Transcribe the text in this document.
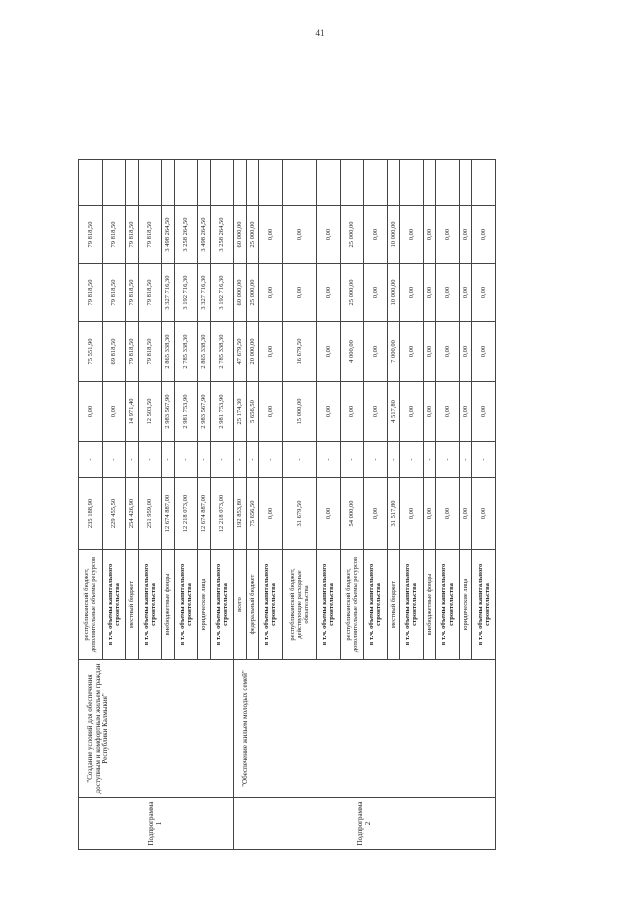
41
Подпрограмма 1	"Создание условий для обеспечения доступным и комфортным жильем граждан Республики Калмыкия"	республиканский бюджет, дополнительные объемы ресурсов	235 188,90	-	0,00	75 551,90	79 818,50	79 818,50	
		в т.ч. объемы капитального строительства	229 455,50	-	0,00	69 818,50	79 818,50	79 818,50	
		местный бюджет	254 426,90	-	14 971,40	79 818,50	79 818,50	79 818,50	
		в т.ч. объемы капитального строительства	251 959,00	-	12 503,50	79 818,50	79 818,50	79 818,50	
		внебюджетные фонды	12 674 887,00	-	2 983 567,90	2 865 338,30	3 327 716,30	3 498 264,50	
		в т.ч. объемы капитального строительства	12 218 073,00	-	2 981 753,90	2 785 338,30	3 192 716,30	3 258 264,50	
		юридические лица	12 674 887,00	-	2 983 567,90	2 865 338,30	3 327 716,30	3 498 264,50	
		в т.ч. объемы капитального строительства	12 218 073,00	-	2 981 753,90	2 785 338,30	3 192 716,30	3 258 264,50	
Подпрограмма 2	"Обеспечение жильем молодых семей"	всего	192 853,80	-	25 174,30	47 679,50	60 000,00	60 000,00	
		федеральный бюджет	75 656,50	-	5 656,50	20 000,00	25 000,00	25 000,00	
		в т.ч. объемы капитального строительства	0,00	-	0,00	0,00	0,00	0,00	
		республиканский бюджет, действующие расходные обязательства	31 679,50	-	15 000,00	16 679,50	0,00	0,00	
		в т.ч. объемы капитального строительства	0,00	-	0,00	0,00	0,00	0,00	
		республиканский бюджет, дополнительные объемы ресурсов	54 000,00	-	0,00	4 000,00	25 000,00	25 000,00	
		в т.ч. объемы капитального строительства	0,00	-	0,00	0,00	0,00	0,00	
		местный бюджет	31 517,80	-	4 517,80	7 000,00	10 000,00	10 000,00	
		в т.ч. объемы капитального строительства	0,00	-	0,00	0,00	0,00	0,00	
		внебюджетные фонды	0,00	-	0,00	0,00	0,00	0,00	
		в т.ч. объемы капитального строительства	0,00	-	0,00	0,00	0,00	0,00	
		юридические лица	0,00	-	0,00	0,00	0,00	0,00	
		в т.ч. объемы капитального строительства	0,00	-	0,00	0,00	0,00	0,00	
